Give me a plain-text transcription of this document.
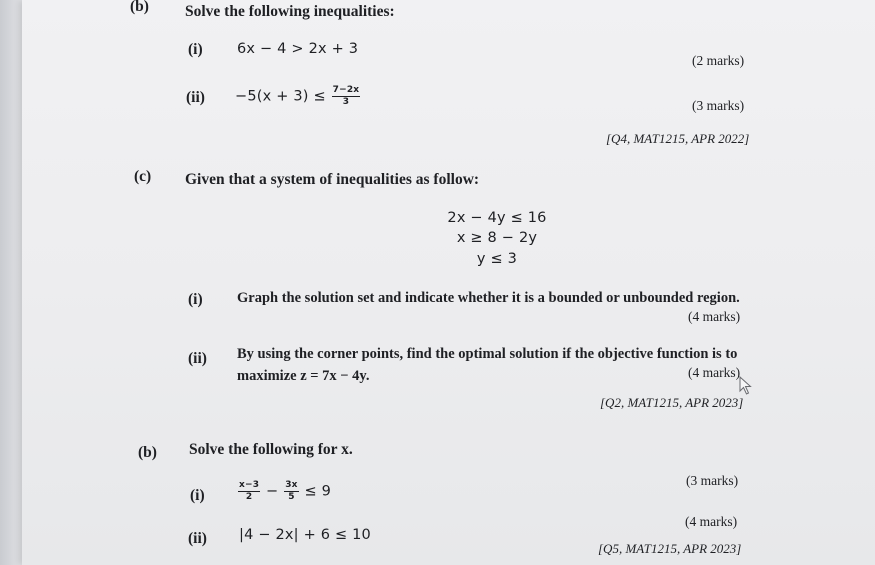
(b) Solve the following inequalities:
(i) 6x − 4 > 2x + 3
(2 marks)
$(ii) -5(x + 3) \le \frac{7-2x}{3}$	(3 marks)
[Q4, MAT1215, APR 2022]
(c) Given that a system of inequalities as follow:
2x − 4y ≤ 16
x ≥ 8 − 2y
y ≤ 3
(i) Graph the solution set and indicate whether it is a bounded or unbounded region.
(4 marks)
(ii) By using the corner points, find the optimal solution if the objective function is to
maximize z = 7x − 4y.	(4 marks)
[Q2, MAT1215, APR 2023]
(b) Solve the following for x.
(i)	$\frac{x-3}{2} - \frac{3x}{5} \le 9$
(3 marks)
(ii) |4 − 2x| + 6 ≤ 10
(4 marks)
[Q5, MAT1215, APR 2023]
